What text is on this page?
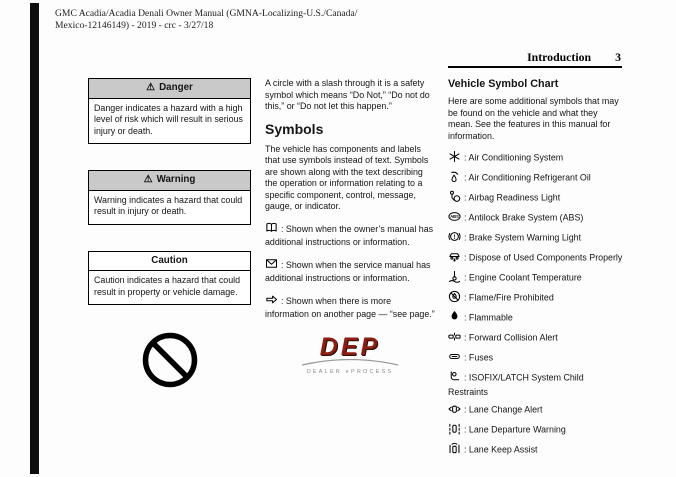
GMC Acadia/Acadia Denali Owner Manual (GMNA-Localizing-U.S./Canada/
Mexico-12146149) - 2019 - crc - 3/27/18
Introduction 3
⚠ Danger
Danger indicates a hazard with a high level of risk which will result in serious injury or death.
⚠ Warning
Warning indicates a hazard that could result in injury or death.
Caution
Caution indicates a hazard that could result in property or vehicle damage.

A circle with a slash through it is a safety symbol which means “Do Not,” “Do not do this,” or “Do not let this happen.”

Symbols

The vehicle has components and labels that use symbols instead of text. Symbols are shown along with the text describing the operation or information relating to a specific component, control, message, gauge, or indicator.

: Shown when the owner’s manual has additional instructions or information.

: Shown when the service manual has additional instructions or information.

: Shown when there is more information on another page — “see page.”

DEP
DEALER ePROCESS
Vehicle Symbol Chart

Here are some additional symbols that may be found on the vehicle and what they mean. See the features in this manual for information.

: Air Conditioning System
: Air Conditioning Refrigerant Oil
: Airbag Readiness Light
ABS : Antilock Brake System (ABS)
! : Brake System Warning Light
: Dispose of Used Components Properly
: Engine Coolant Temperature
: Flame/Fire Prohibited
: Flammable
: Forward Collision Alert
: Fuses
: ISOFIX/LATCH System Child Restraints
: Lane Change Alert
: Lane Departure Warning
: Lane Keep Assist
